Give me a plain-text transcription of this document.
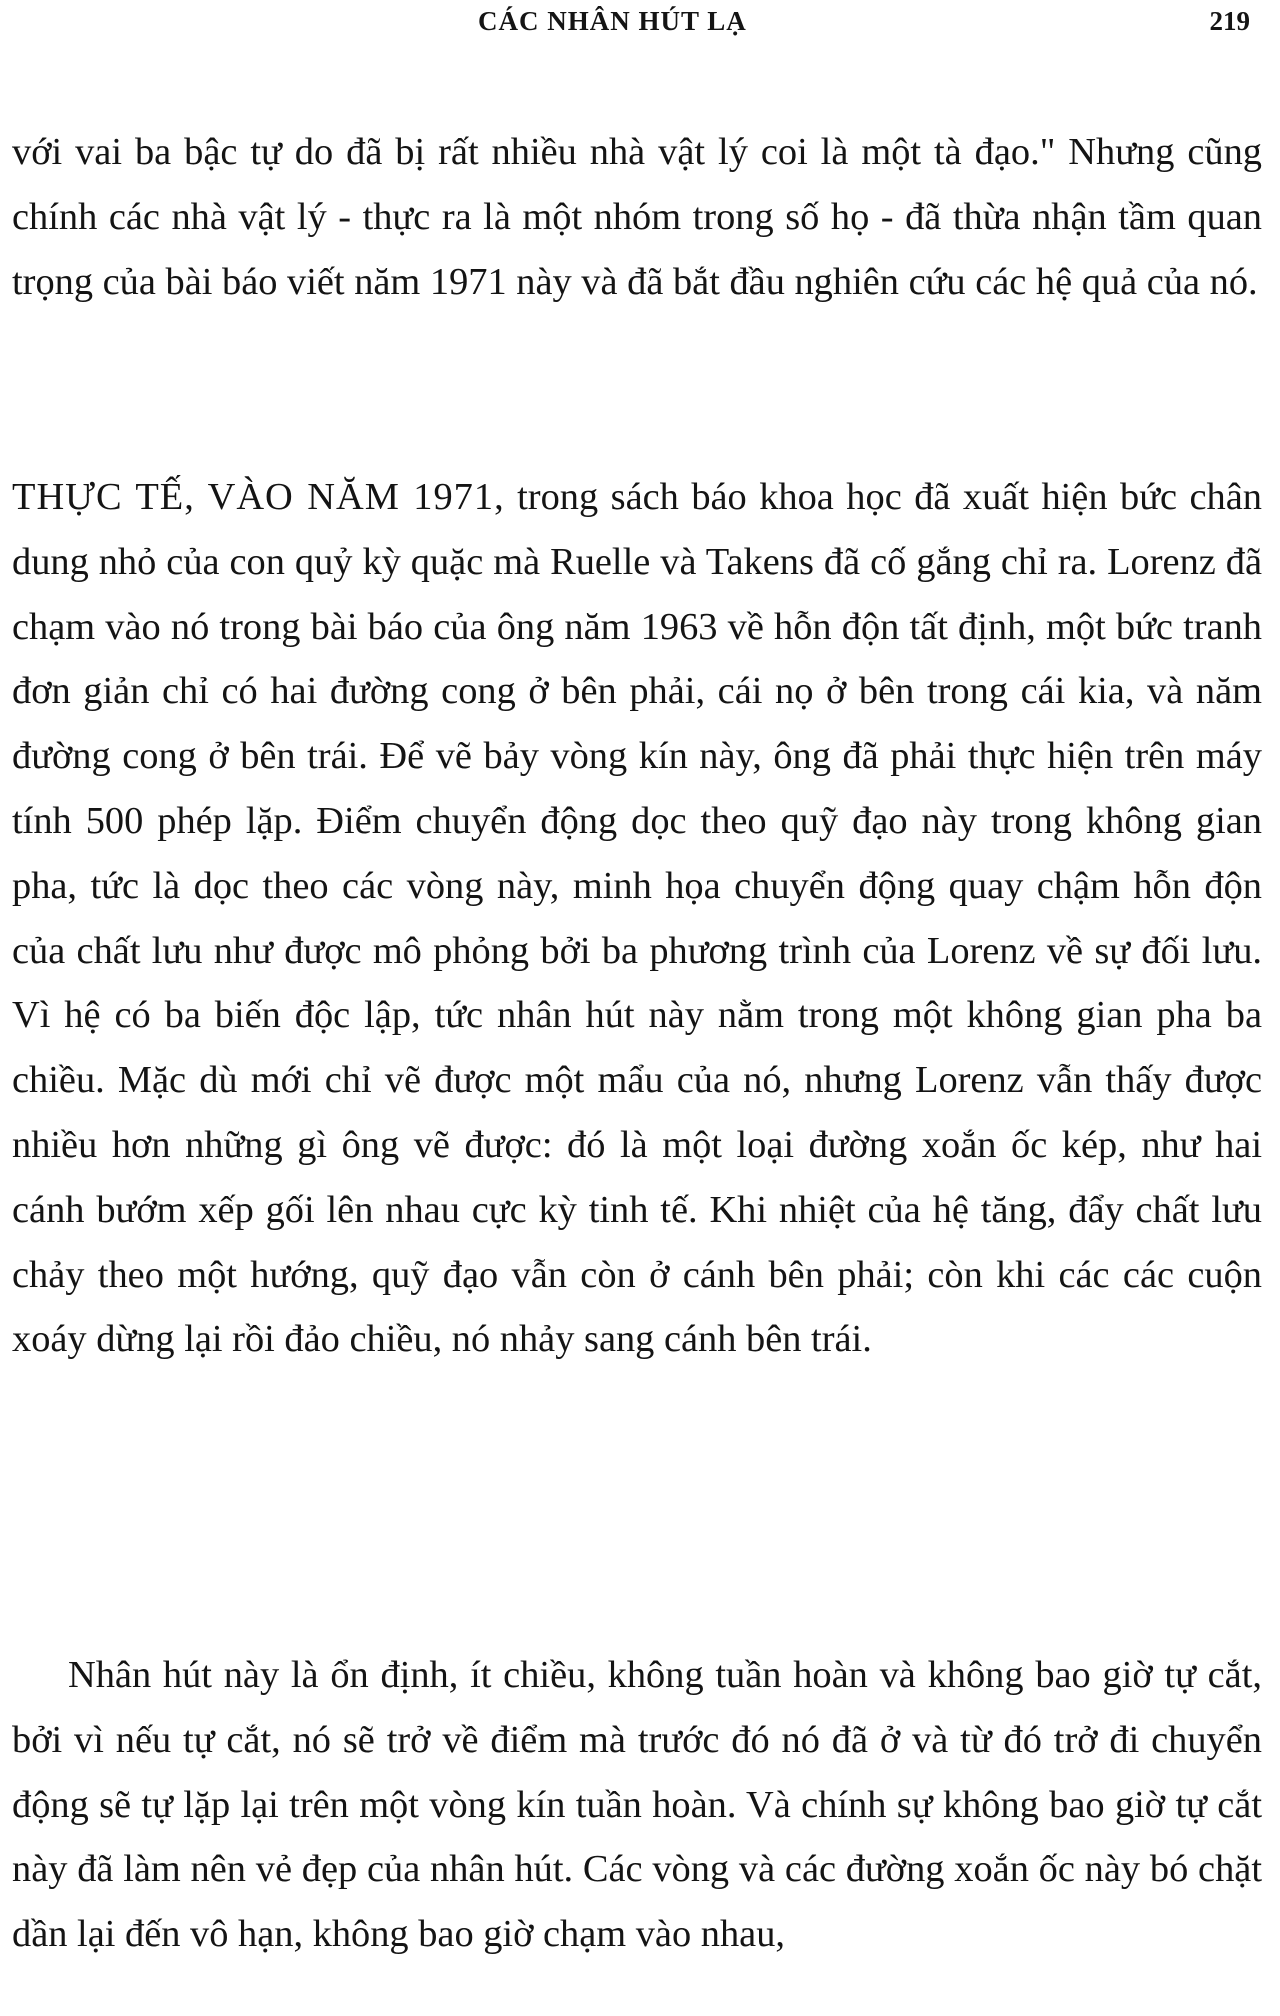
CÁC NHÂN HÚT LẠ	219

với vai ba bậc tự do đã bị rất nhiều nhà vật lý coi là một tà đạo." Nhưng cũng chính các nhà vật lý - thực ra là một nhóm trong số họ - đã thừa nhận tầm quan trọng của bài báo viết năm 1971 này và đã bắt đầu nghiên cứu các hệ quả của nó.

THỰC TẾ, VÀO NĂM 1971, trong sách báo khoa học đã xuất hiện bức chân dung nhỏ của con quỷ kỳ quặc mà Ruelle và Takens đã cố gắng chỉ ra. Lorenz đã chạm vào nó trong bài báo của ông năm 1963 về hỗn độn tất định, một bức tranh đơn giản chỉ có hai đường cong ở bên phải, cái nọ ở bên trong cái kia, và năm đường cong ở bên trái. Để vẽ bảy vòng kín này, ông đã phải thực hiện trên máy tính 500 phép lặp. Điểm chuyển động dọc theo quỹ đạo này trong không gian pha, tức là dọc theo các vòng này, minh họa chuyển động quay chậm hỗn độn của chất lưu như được mô phỏng bởi ba phương trình của Lorenz về sự đối lưu. Vì hệ có ba biến độc lập, tức nhân hút này nằm trong một không gian pha ba chiều. Mặc dù mới chỉ vẽ được một mẩu của nó, nhưng Lorenz vẫn thấy được nhiều hơn những gì ông vẽ được: đó là một loại đường xoắn ốc kép, như hai cánh bướm xếp gối lên nhau cực kỳ tinh tế. Khi nhiệt của hệ tăng, đẩy chất lưu chảy theo một hướng, quỹ đạo vẫn còn ở cánh bên phải; còn khi các các cuộn xoáy dừng lại rồi đảo chiều, nó nhảy sang cánh bên trái.

Nhân hút này là ổn định, ít chiều, không tuần hoàn và không bao giờ tự cắt, bởi vì nếu tự cắt, nó sẽ trở về điểm mà trước đó nó đã ở và từ đó trở đi chuyển động sẽ tự lặp lại trên một vòng kín tuần hoàn. Và chính sự không bao giờ tự cắt này đã làm nên vẻ đẹp của nhân hút. Các vòng và các đường xoắn ốc này bó chặt dần lại đến vô hạn, không bao giờ chạm vào nhau,
